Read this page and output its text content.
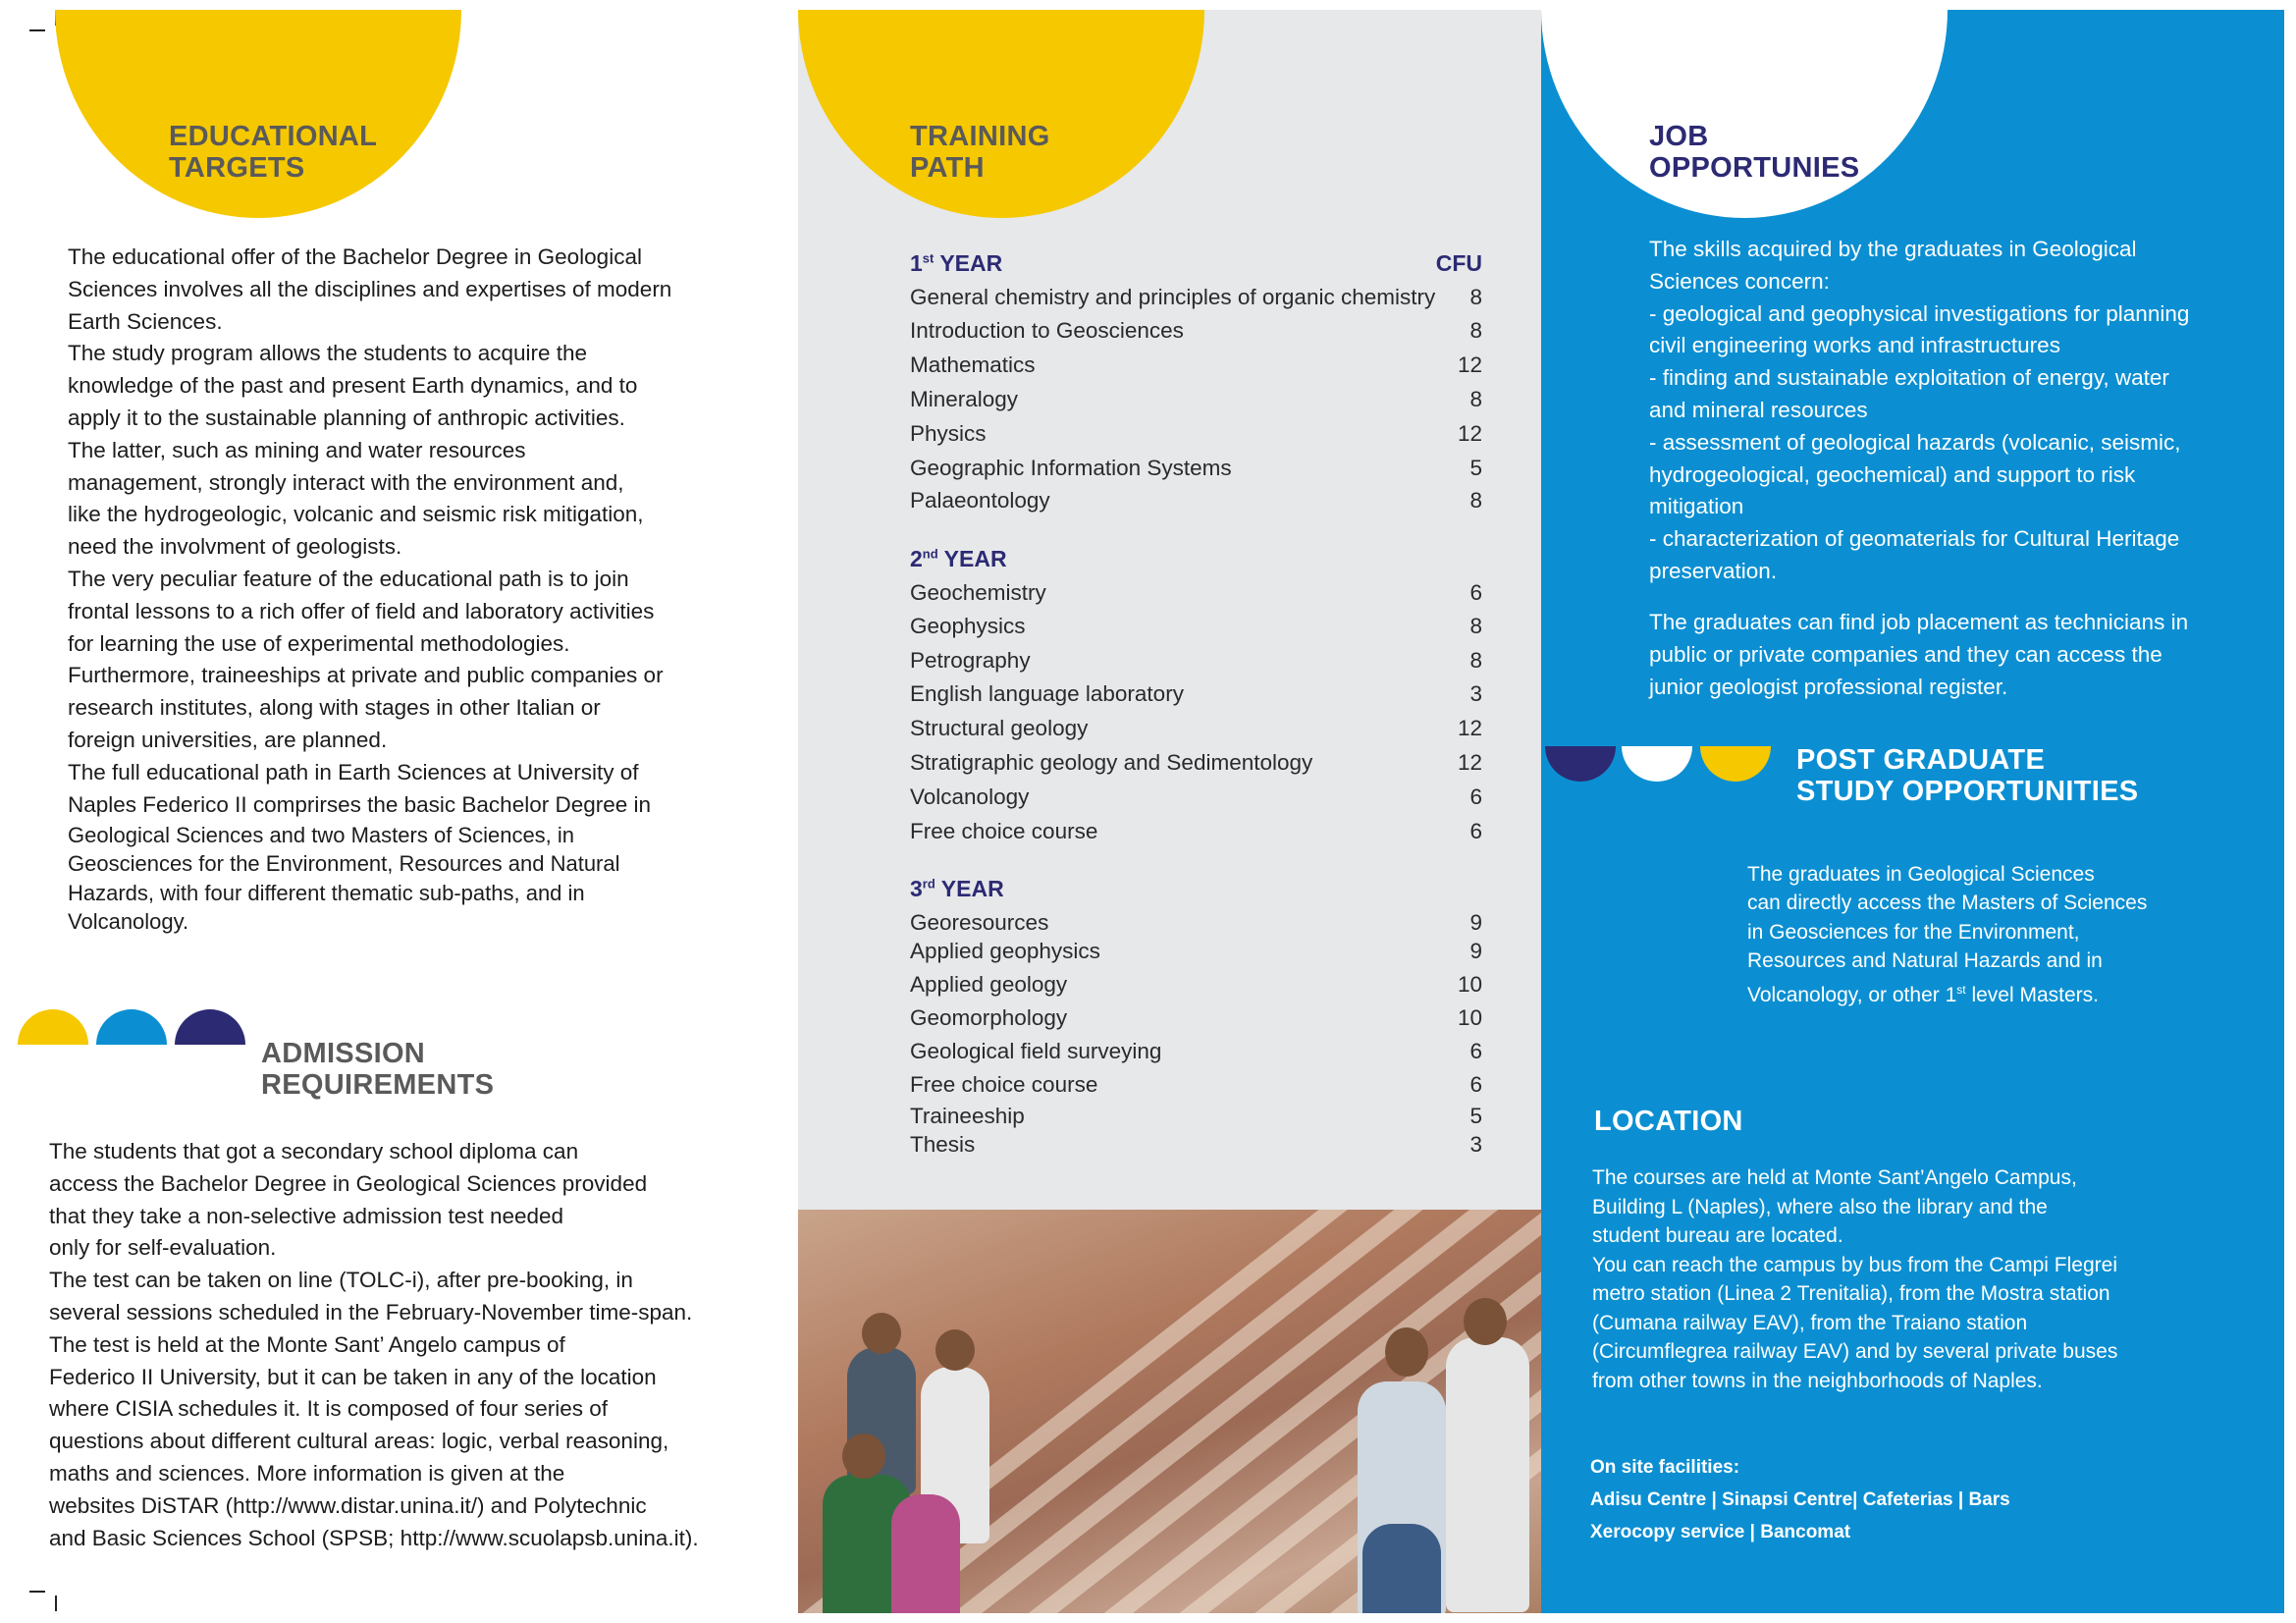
EDUCATIONAL
TARGETS
The educational offer of the Bachelor Degree in Geological
Sciences involves all the disciplines and expertises of modern
Earth Sciences.
The study program allows the students to acquire the
knowledge of the past and present Earth dynamics, and to
apply it to the sustainable planning of anthropic activities.
The latter, such as mining and water resources
management, strongly interact with the environment and,
like the hydrogeologic, volcanic and seismic risk mitigation,
need the involvment of geologists.
The very peculiar feature of the educational path is to join
frontal lessons to a rich offer of field and laboratory activities
for learning the use of experimental methodologies.
Furthermore, traineeships at private and public companies or
research institutes, along with stages in other Italian or
foreign universities, are planned.
The full educational path in Earth Sciences at University of
Naples Federico II comprirses the basic Bachelor Degree in
Geological Sciences and two Masters of Sciences, in
Geosciences for the Environment, Resources and Natural
Hazards, with four different thematic sub-paths, and in
Volcanology.
ADMISSION
REQUIREMENTS
The students that got a secondary school diploma can
access the Bachelor Degree in Geological Sciences provided
that they take a non-selective admission test needed
only for self-evaluation.
The test can be taken on line (TOLC-i), after pre-booking, in
several sessions scheduled in the February-November time-span.
The test is held at the Monte Sant’ Angelo campus of
Federico II University, but it can be taken in any of the location
where CISIA schedules it. It is composed of four series of
questions about different cultural areas: logic, verbal reasoning,
maths and sciences. More information is given at the
websites DiSTAR (http://www.distar.unina.it/) and Polytechnic
and Basic Sciences School (SPSB; http://www.scuolapsb.unina.it).
TRAINING
PATH
1st YEAR	CFU
General chemistry and principles of organic chemistry 8
Introduction to Geosciences	8
Mathematics	12
Mineralogy	8
Physics	12
Geographic Information Systems	5
Palaeontology	8
2nd YEAR
Geochemistry	6
Geophysics	8
Petrography	8
English language laboratory	3
Structural geology	12
Stratigraphic geology and Sedimentology	12
Volcanology	6
Free choice course	6
3rd YEAR
Georesources	9
Applied geophysics	9
Applied geology	10
Geomorphology	10
Geological field surveying	6
Free choice course	6
Traineeship	5
Thesis	3
JOB
OPPORTUNIES
The skills acquired by the graduates in Geological
Sciences concern:
- geological and geophysical investigations for planning
civil engineering works and infrastructures
- finding and sustainable exploitation of energy, water
and mineral resources
- assessment of geological hazards (volcanic, seismic,
hydrogeological, geochemical) and support to risk
mitigation
- characterization of geomaterials for Cultural Heritage
preservation.
The graduates can find job placement as technicians in
public or private companies and they can access the
junior geologist professional register.
POST GRADUATE
STUDY OPPORTUNITIES

The graduates in Geological Sciences
can directly access the Masters of Sciences
in Geosciences for the Environment,
Resources and Natural Hazards and in
Volcanology, or other 1st level Masters.

LOCATION
The courses are held at Monte Sant’Angelo Campus,
Building L (Naples), where also the library and the
student bureau are located.
You can reach the campus by bus from the Campi Flegrei
metro station (Linea 2 Trenitalia), from the Mostra station
(Cumana railway EAV), from the Traiano station
(Circumflegrea railway EAV) and by several private buses
from other towns in the neighborhoods of Naples.
On site facilities:
Adisu Centre | Sinapsi Centre| Cafeterias | Bars
Xerocopy service | Bancomat
